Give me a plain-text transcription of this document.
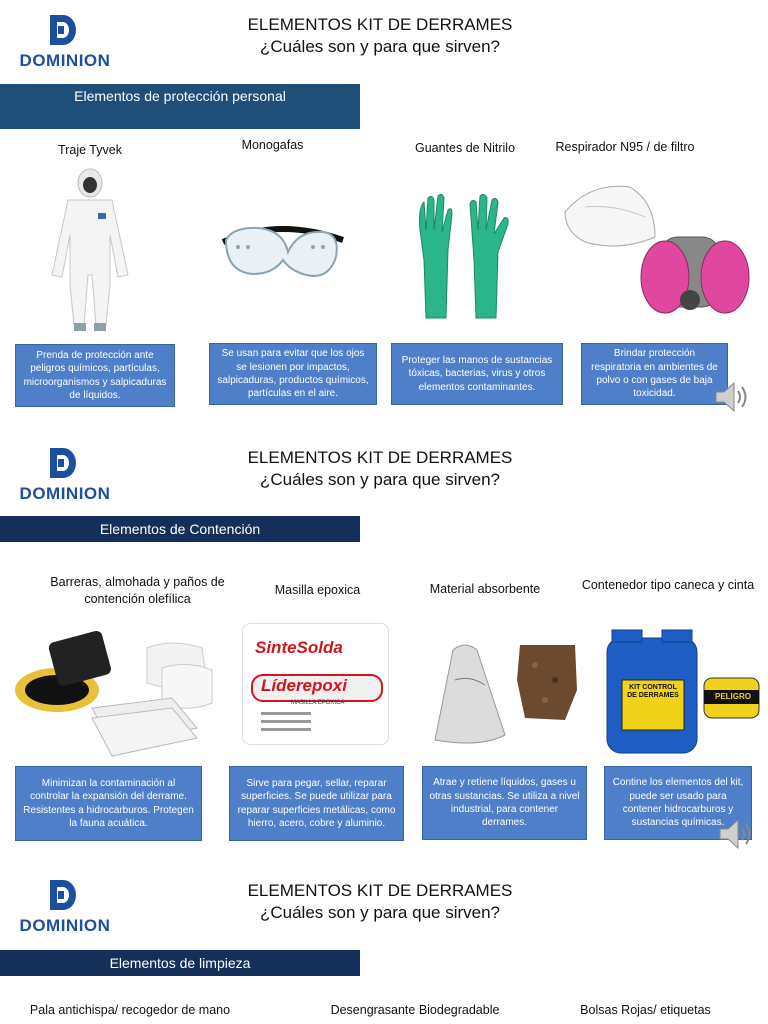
DOMINION
ELEMENTOS KIT DE DERRAMES
¿Cuáles son y para que sirven?
Elementos de protección personal
Traje Tyvek	Monogafas	Guantes de Nitrilo	Respirador N95 / de filtro
Prenda de protección ante peligros químicos, partículas, microorganismos y salpicaduras de líquidos.
Se usan para evitar que los ojos se lesionen por impactos, salpicaduras, productos químicos, partículas en el aire.
Proteger las manos de sustancias tóxicas, bacterias, virus y otros elementos contaminantes.
Brindar protección respiratoria en ambientes de polvo o con gases de baja toxicidad.
DOMINION
ELEMENTOS KIT DE DERRAMES
¿Cuáles son y para que sirven?
Elementos de Contención
Barreras, almohada y paños de contención olefílica
Masilla epoxica	Material absorbente	Contenedor tipo caneca y cinta
SinteSolda
Líderepoxi
MASILLA EPOXICA
KIT CONTROL DE DERRAMES	PELIGRO
Minimizan la contaminación al controlar la expansión del derrame. Resistentes a hidrocarburos. Protegen la fauna acuática.
Sirve para pegar, sellar, reparar superficies. Se puede utilizar para reparar superficies metálicas, como hierro, acero, cobre y aluminio.
Atrae y retiene líquidos, gases u otras sustancias. Se utiliza a nivel industrial, para contener derrames.
Contine los elementos del kit, puede ser usado para contener hidrocarburos y sustancias químicas.
DOMINION
ELEMENTOS KIT DE DERRAMES
¿Cuáles son y para que sirven?
Elementos de limpieza
Pala antichispa/ recogedor de mano	Desengrasante Biodegradable	Bolsas Rojas/ etiquetas
